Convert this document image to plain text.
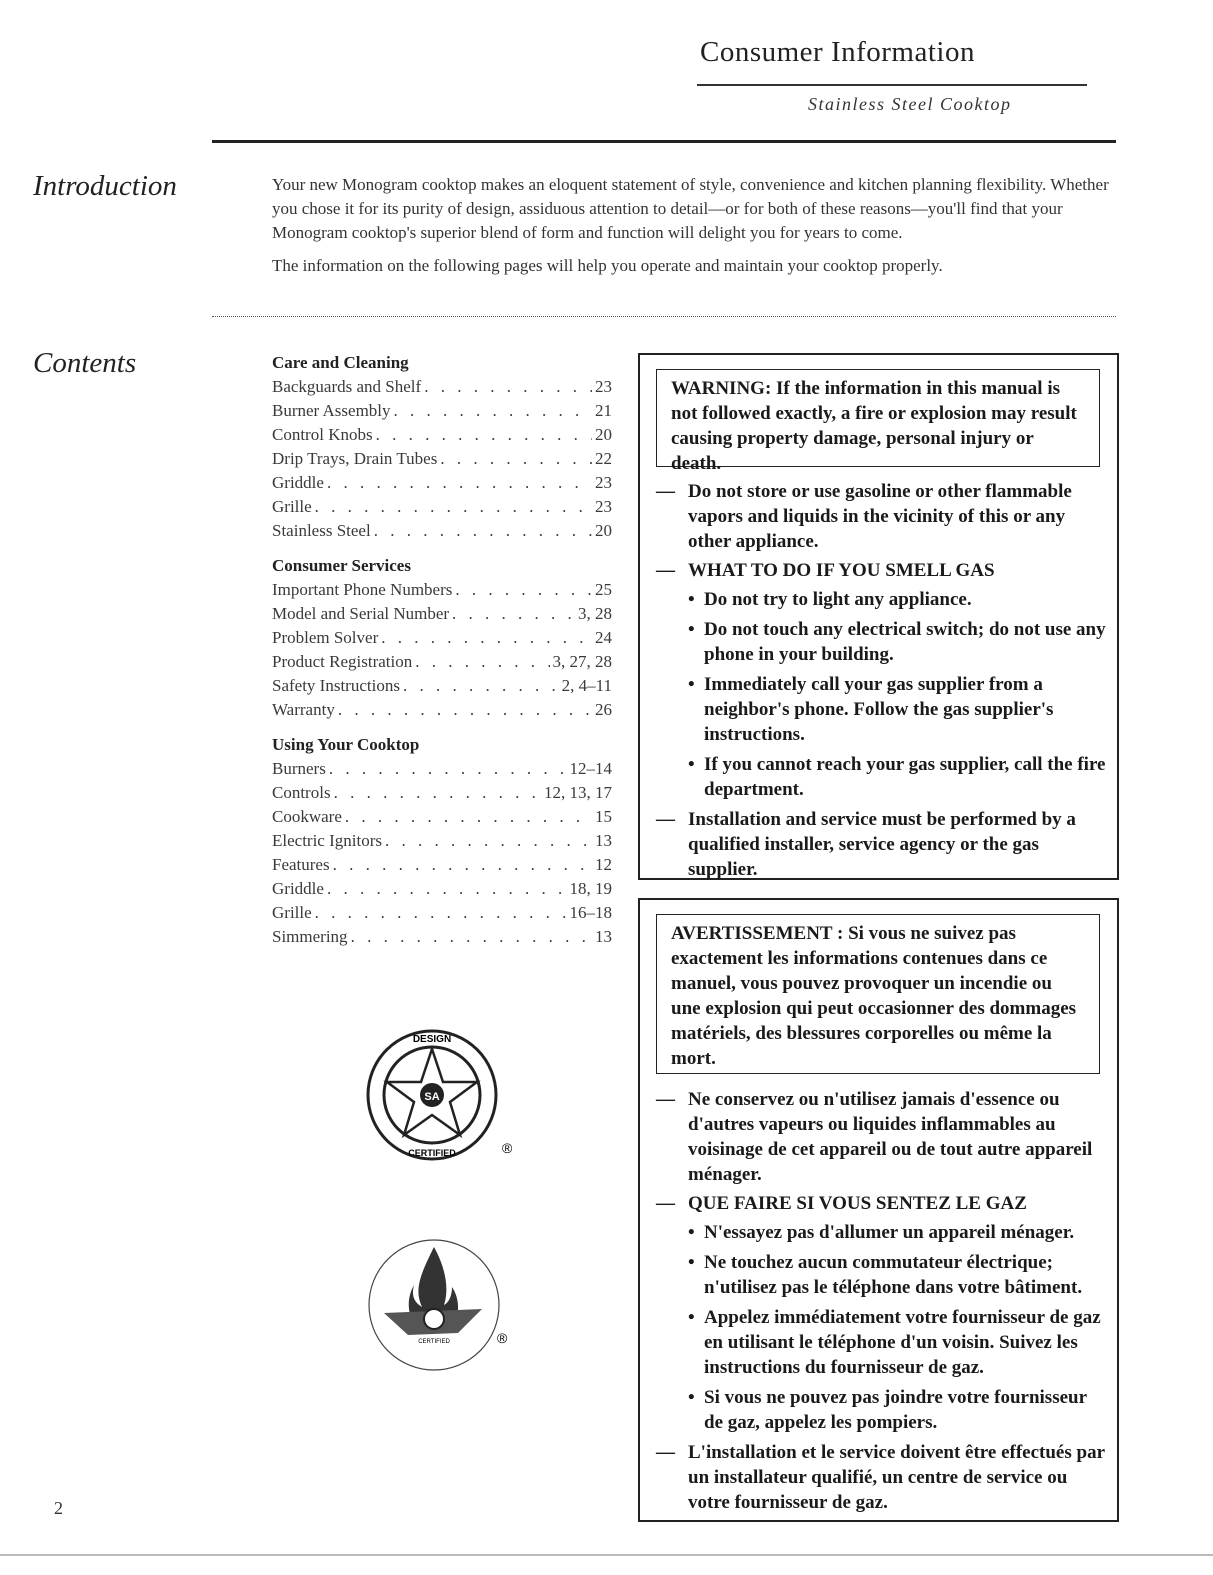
Consumer Information
Stainless Steel Cooktop
Introduction	Your new Monogram cooktop makes an eloquent statement of style, convenience and kitchen planning flexibility. Whether you chose it for its purity of design, assiduous attention to detail—or for both of these reasons—you'll find that your Monogram cooktop's superior blend of form and function will delight you for years to come.

The information on the following pages will help you operate and maintain your cooktop properly.

Contents	Care and Cleaning
Backguards and Shelf . . .	23
Burner Assembly . . .	21
Control Knobs . . .	20
Drip Trays, Drain Tubes . . .	22
Griddle . . .	23
Grille . . .	23
Stainless Steel . . .	20
Consumer Services
Important Phone Numbers . . .	25
Model and Serial Number . . .	3, 28
Problem Solver . . .	24
Product Registration . . .	3, 27, 28
Safety Instructions . . .	2, 4–11
Warranty . . .	26
Using Your Cooktop
Burners . . .	12–14
Controls . . .	12, 13, 17
Cookware . . .	15
Electric Ignitors . . .	13
Features . . .	12
Griddle . . .	18, 19
Grille . . .	16–18
Simmering . . .	13
SA
DESIGN
CERTIFIED	®
CERTIFIED	®
WARNING: If the information in this manual is not followed exactly, a fire or explosion may result causing property damage, personal injury or death.
— Do not store or use gasoline or other flammable vapors and liquids in the vicinity of this or any other appliance.
— WHAT TO DO IF YOU SMELL GAS
• Do not try to light any appliance.
• Do not touch any electrical switch; do not use any phone in your building.
• Immediately call your gas supplier from a neighbor's phone. Follow the gas supplier's instructions.
• If you cannot reach your gas supplier, call the fire department.
— Installation and service must be performed by a qualified installer, service agency or the gas supplier.
AVERTISSEMENT : Si vous ne suivez pas exactement les informations contenues dans ce manuel, vous pouvez provoquer un incendie ou une explosion qui peut occasionner des dommages matériels, des blessures corporelles ou même la mort.
— Ne conservez ou n'utilisez jamais d'essence ou d'autres vapeurs ou liquides inflammables au voisinage de cet appareil ou de tout autre appareil ménager.
— QUE FAIRE SI VOUS SENTEZ LE GAZ
• N'essayez pas d'allumer un appareil ménager.
• Ne touchez aucun commutateur électrique; n'utilisez pas le téléphone dans votre bâtiment.
• Appelez immédiatement votre fournisseur de gaz en utilisant le téléphone d'un voisin. Suivez les instructions du fournisseur de gaz.
• Si vous ne pouvez pas joindre votre fournisseur de gaz, appelez les pompiers.
— L'installation et le service doivent être effectués par un installateur qualifié, un centre de service ou votre fournisseur de gaz.
2
